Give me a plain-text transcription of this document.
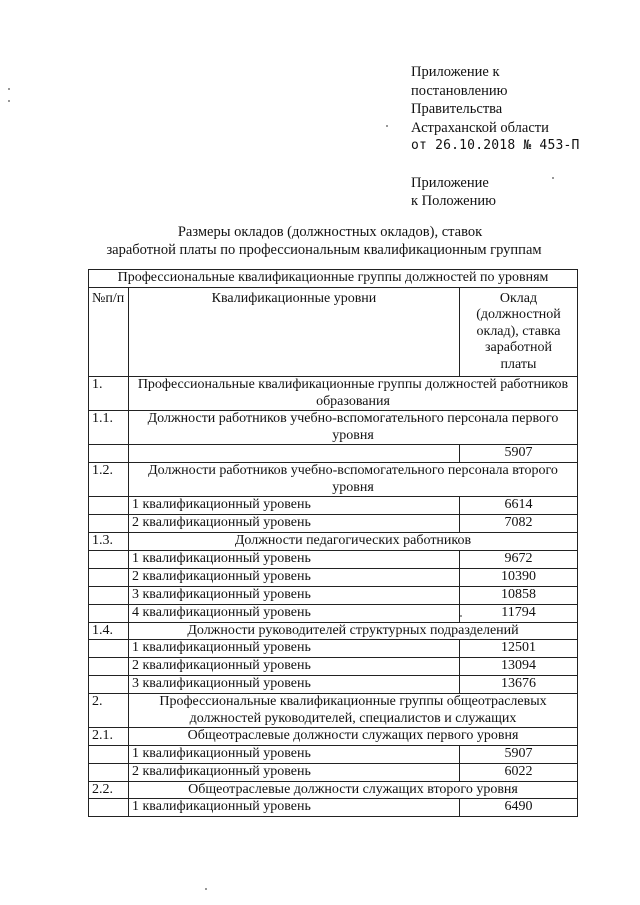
Приложение к
постановлению
Правительства
Астраханской области
от 26.10.2018 № 453-П
Приложение
к Положению
Размеры окладов (должностных окладов), ставок
заработной платы по профессиональным квалификационным группам
Профессиональные квалификационные группы должностей по уровням		
№п/п	Квалификационные уровни	Оклад (должностной оклад), ставка заработной платы
1.	Профессиональные квалификационные группы должностей работников образования	
1.1.	Должности работников учебно-вспомогательного персонала первого уровня	
		5907
1.2.	Должности работников учебно-вспомогательного персонала второго уровня	
	1 квалификационный уровень	6614
	2 квалификационный уровень	7082
1.3.	Должности педагогических работников	
	1 квалификационный уровень	9672
	2 квалификационный уровень	10390
	3 квалификационный уровень	10858
	4 квалификационный уровень	11794
1.4.	Должности руководителей структурных подразделений	
	1 квалификационный уровень	12501
	2 квалификационный уровень	13094
	3 квалификационный уровень	13676
2.	Профессиональные квалификационные группы общеотраслевых должностей руководителей, специалистов и служащих	
2.1.	Общеотраслевые должности служащих первого уровня	
	1 квалификационный уровень	5907
	2 квалификационный уровень	6022
2.2.	Общеотраслевые должности служащих второго уровня	
	1 квалификационный уровень	6490
